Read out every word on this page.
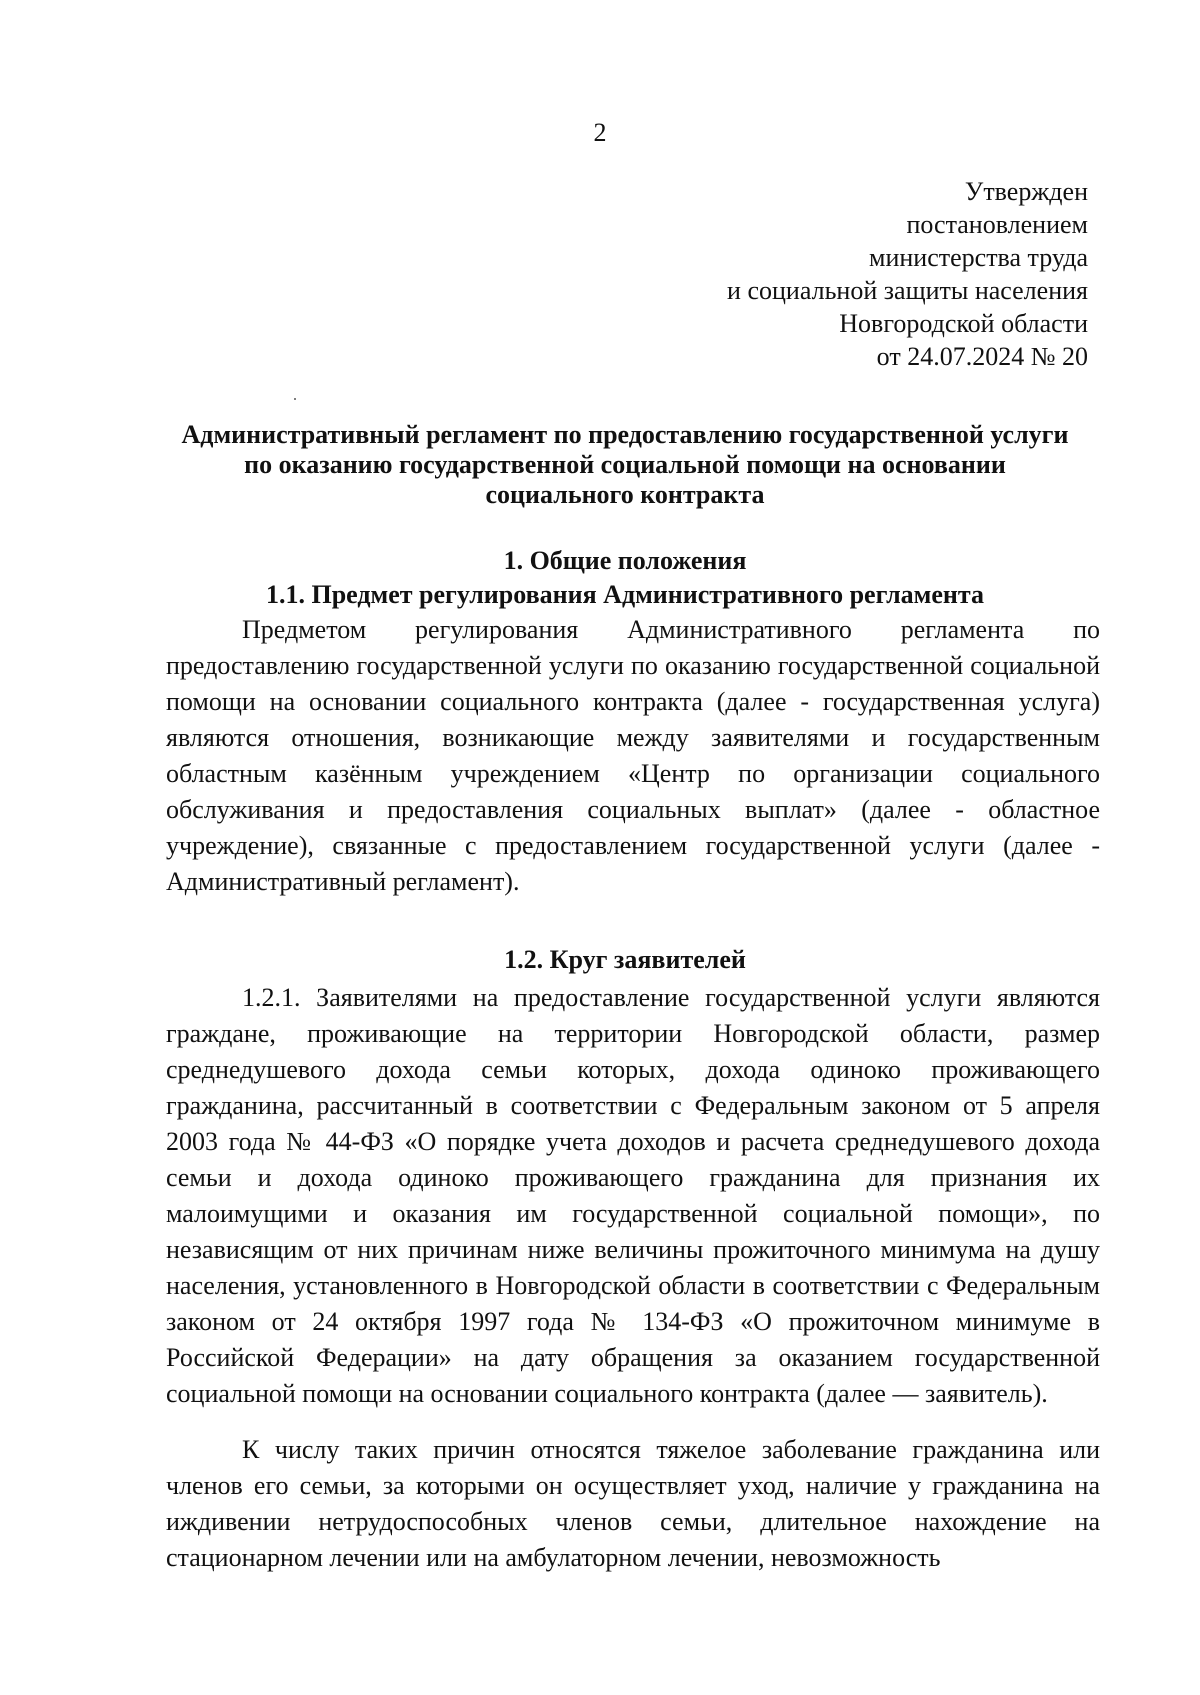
2
Утвержден
постановлением
министерства труда
и социальной защиты населения
Новгородской области
от 24.07.2024 № 20
Административный регламент по предоставлению государственной услуги
по оказанию государственной социальной помощи на основании
социального контракта
1. Общие положения
1.1. Предмет регулирования Административного регламента
Предметом регулирования Административного регламента по предоставлению государственной услуги по оказанию государственной социальной помощи на основании социального контракта (далее - государственная услуга) являются отношения, возникающие между заявителями и государственным областным казённым учреждением «Центр по организации социального обслуживания и предоставления социальных выплат» (далее - областное учреждение), связанные с предоставлением государственной услуги (далее - Административный регламент).
1.2. Круг заявителей
1.2.1. Заявителями на предоставление государственной услуги являются граждане, проживающие на территории Новгородской области, размер среднедушевого дохода семьи которых, дохода одиноко проживающего гражданина, рассчитанный в соответствии с Федеральным законом от 5 апреля 2003 года № 44-ФЗ «О порядке учета доходов и расчета среднедушевого дохода семьи и дохода одиноко проживающего гражданина для признания их малоимущими и оказания им государственной социальной помощи», по независящим от них причинам ниже величины прожиточного минимума на душу населения, установленного в Новгородской области в соответствии с Федеральным законом от 24 октября 1997 года № 134-ФЗ «О прожиточном минимуме в Российской Федерации» на дату обращения за оказанием государственной социальной помощи на основании социального контракта (далее — заявитель).
К числу таких причин относятся тяжелое заболевание гражданина или членов его семьи, за которыми он осуществляет уход, наличие у гражданина на иждивении нетрудоспособных членов семьи, длительное нахождение на стационарном лечении или на амбулаторном лечении, невозможность
